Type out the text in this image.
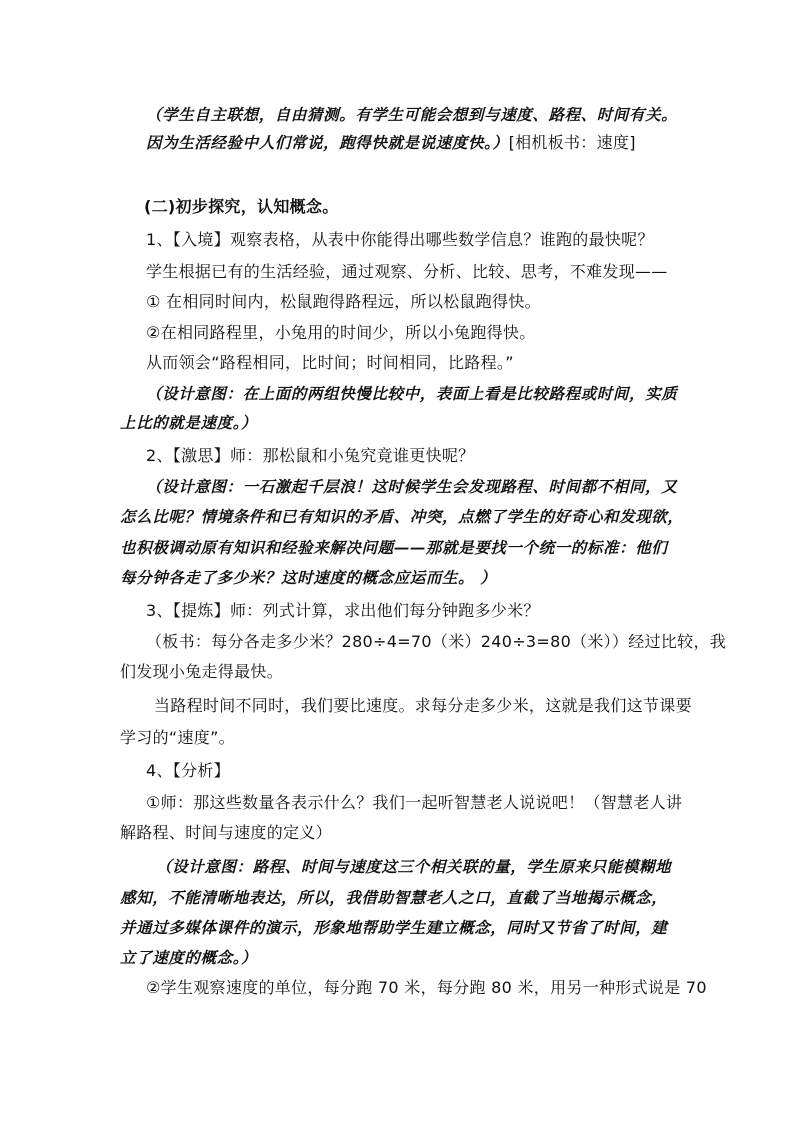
（学生自主联想，自由猜测。有学生可能会想到与速度、路程、时间有关。
因为生活经验中人们常说，跑得快就是说速度快。）[相机板书：速度]
(二)初步探究，认知概念。
1、【入境】观察表格，从表中你能得出哪些数学信息？谁跑的最快呢？
学生根据已有的生活经验，通过观察、分析、比较、思考，不难发现——
① 在相同时间内，松鼠跑得路程远，所以松鼠跑得快。
②在相同路程里，小兔用的时间少，所以小兔跑得快。
从而领会“路程相同，比时间；时间相同，比路程。”
（设计意图：在上面的两组快慢比较中，表面上看是比较路程或时间，实质
上比的就是速度。）
2、【激思】师：那松鼠和小兔究竟谁更快呢？
（设计意图：一石激起千层浪！这时候学生会发现路程、时间都不相同，又
怎么比呢？情境条件和已有知识的矛盾、冲突，点燃了学生的好奇心和发现欲，
也积极调动原有知识和经验来解决问题——那就是要找一个统一的标准：他们
每分钟各走了多少米？这时速度的概念应运而生。 ）
3、【提炼】师：列式计算，求出他们每分钟跑多少米？
（板书：每分各走多少米？280÷4=70（米）240÷3=80（米））经过比较，我
们发现小兔走得最快。
当路程时间不同时，我们要比速度。求每分走多少米，这就是我们这节课要
学习的“速度”。
4、【分析】
①师：那这些数量各表示什么？我们一起听智慧老人说说吧！（智慧老人讲
解路程、时间与速度的定义）
（设计意图：路程、时间与速度这三个相关联的量，学生原来只能模糊地
感知，不能清晰地表达，所以，我借助智慧老人之口，直截了当地揭示概念，
并通过多媒体课件的演示，形象地帮助学生建立概念，同时又节省了时间，建
立了速度的概念。）
②学生观察速度的单位，每分跑 70 米，每分跑 80 米，用另一种形式说是 70
